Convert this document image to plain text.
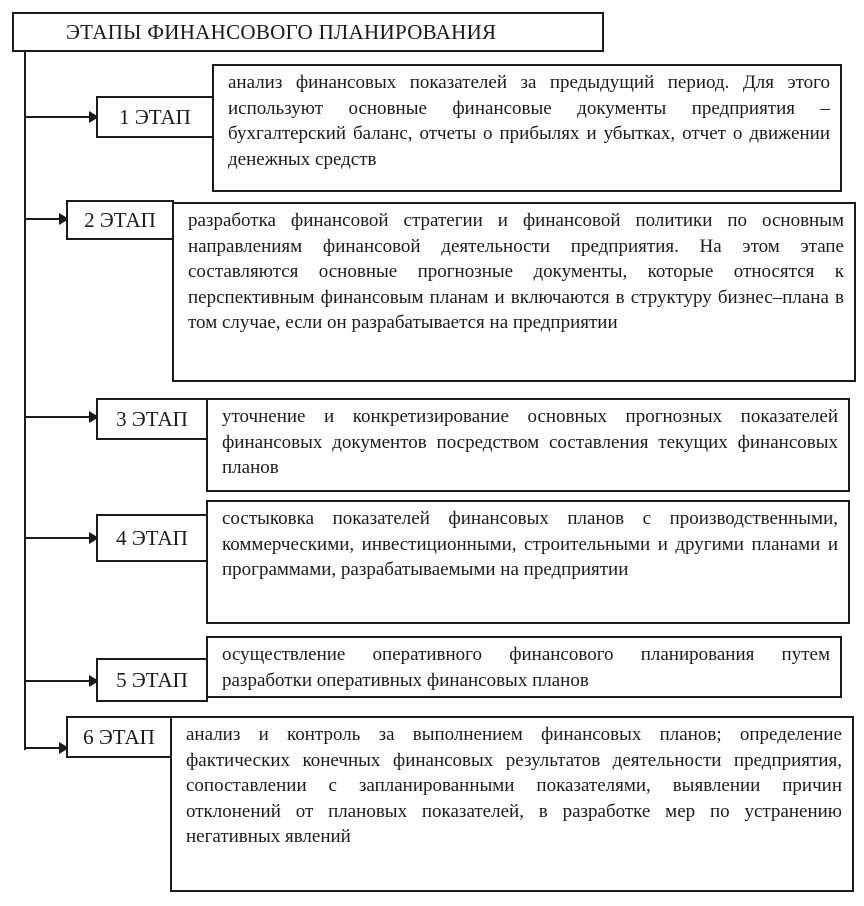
ЭТАПЫ ФИНАНСОВОГО ПЛАНИРОВАНИЯ
анализ финансовых показателей за предыдущий период. Для этого используют основные финансовые документы предприятия – бухгалтерский баланс, отчеты о прибылях и убытках, отчет о движении денежных средств
разработка финансовой стратегии и финансовой политики по основным направлениям финансовой деятельности предприятия. На этом этапе составляются основные прогнозные документы, которые относятся к перспективным финансовым планам и включаются в структуру бизнес–плана в том случае, если он разрабатывается на предприятии
уточнение и конкретизирование основных прогнозных показателей финансовых документов посредством составления текущих финансовых планов
состыковка показателей финансовых планов с производственными, коммерческими, инвестиционными, строительными и другими планами и программами, разрабатываемыми на предприятии
осуществление оперативного финансового планирования путем разработки оперативных финансовых планов
анализ и контроль за выполнением финансовых планов; определение фактических конечных финансовых результатов деятельности предприятия, сопоставлении с запланированными показателями, выявлении причин отклонений от плановых показателей, в разработке мер по устранению негативных явлений
1 ЭТАП
2 ЭТАП
3 ЭТАП
4 ЭТАП
5 ЭТАП
6 ЭТАП
